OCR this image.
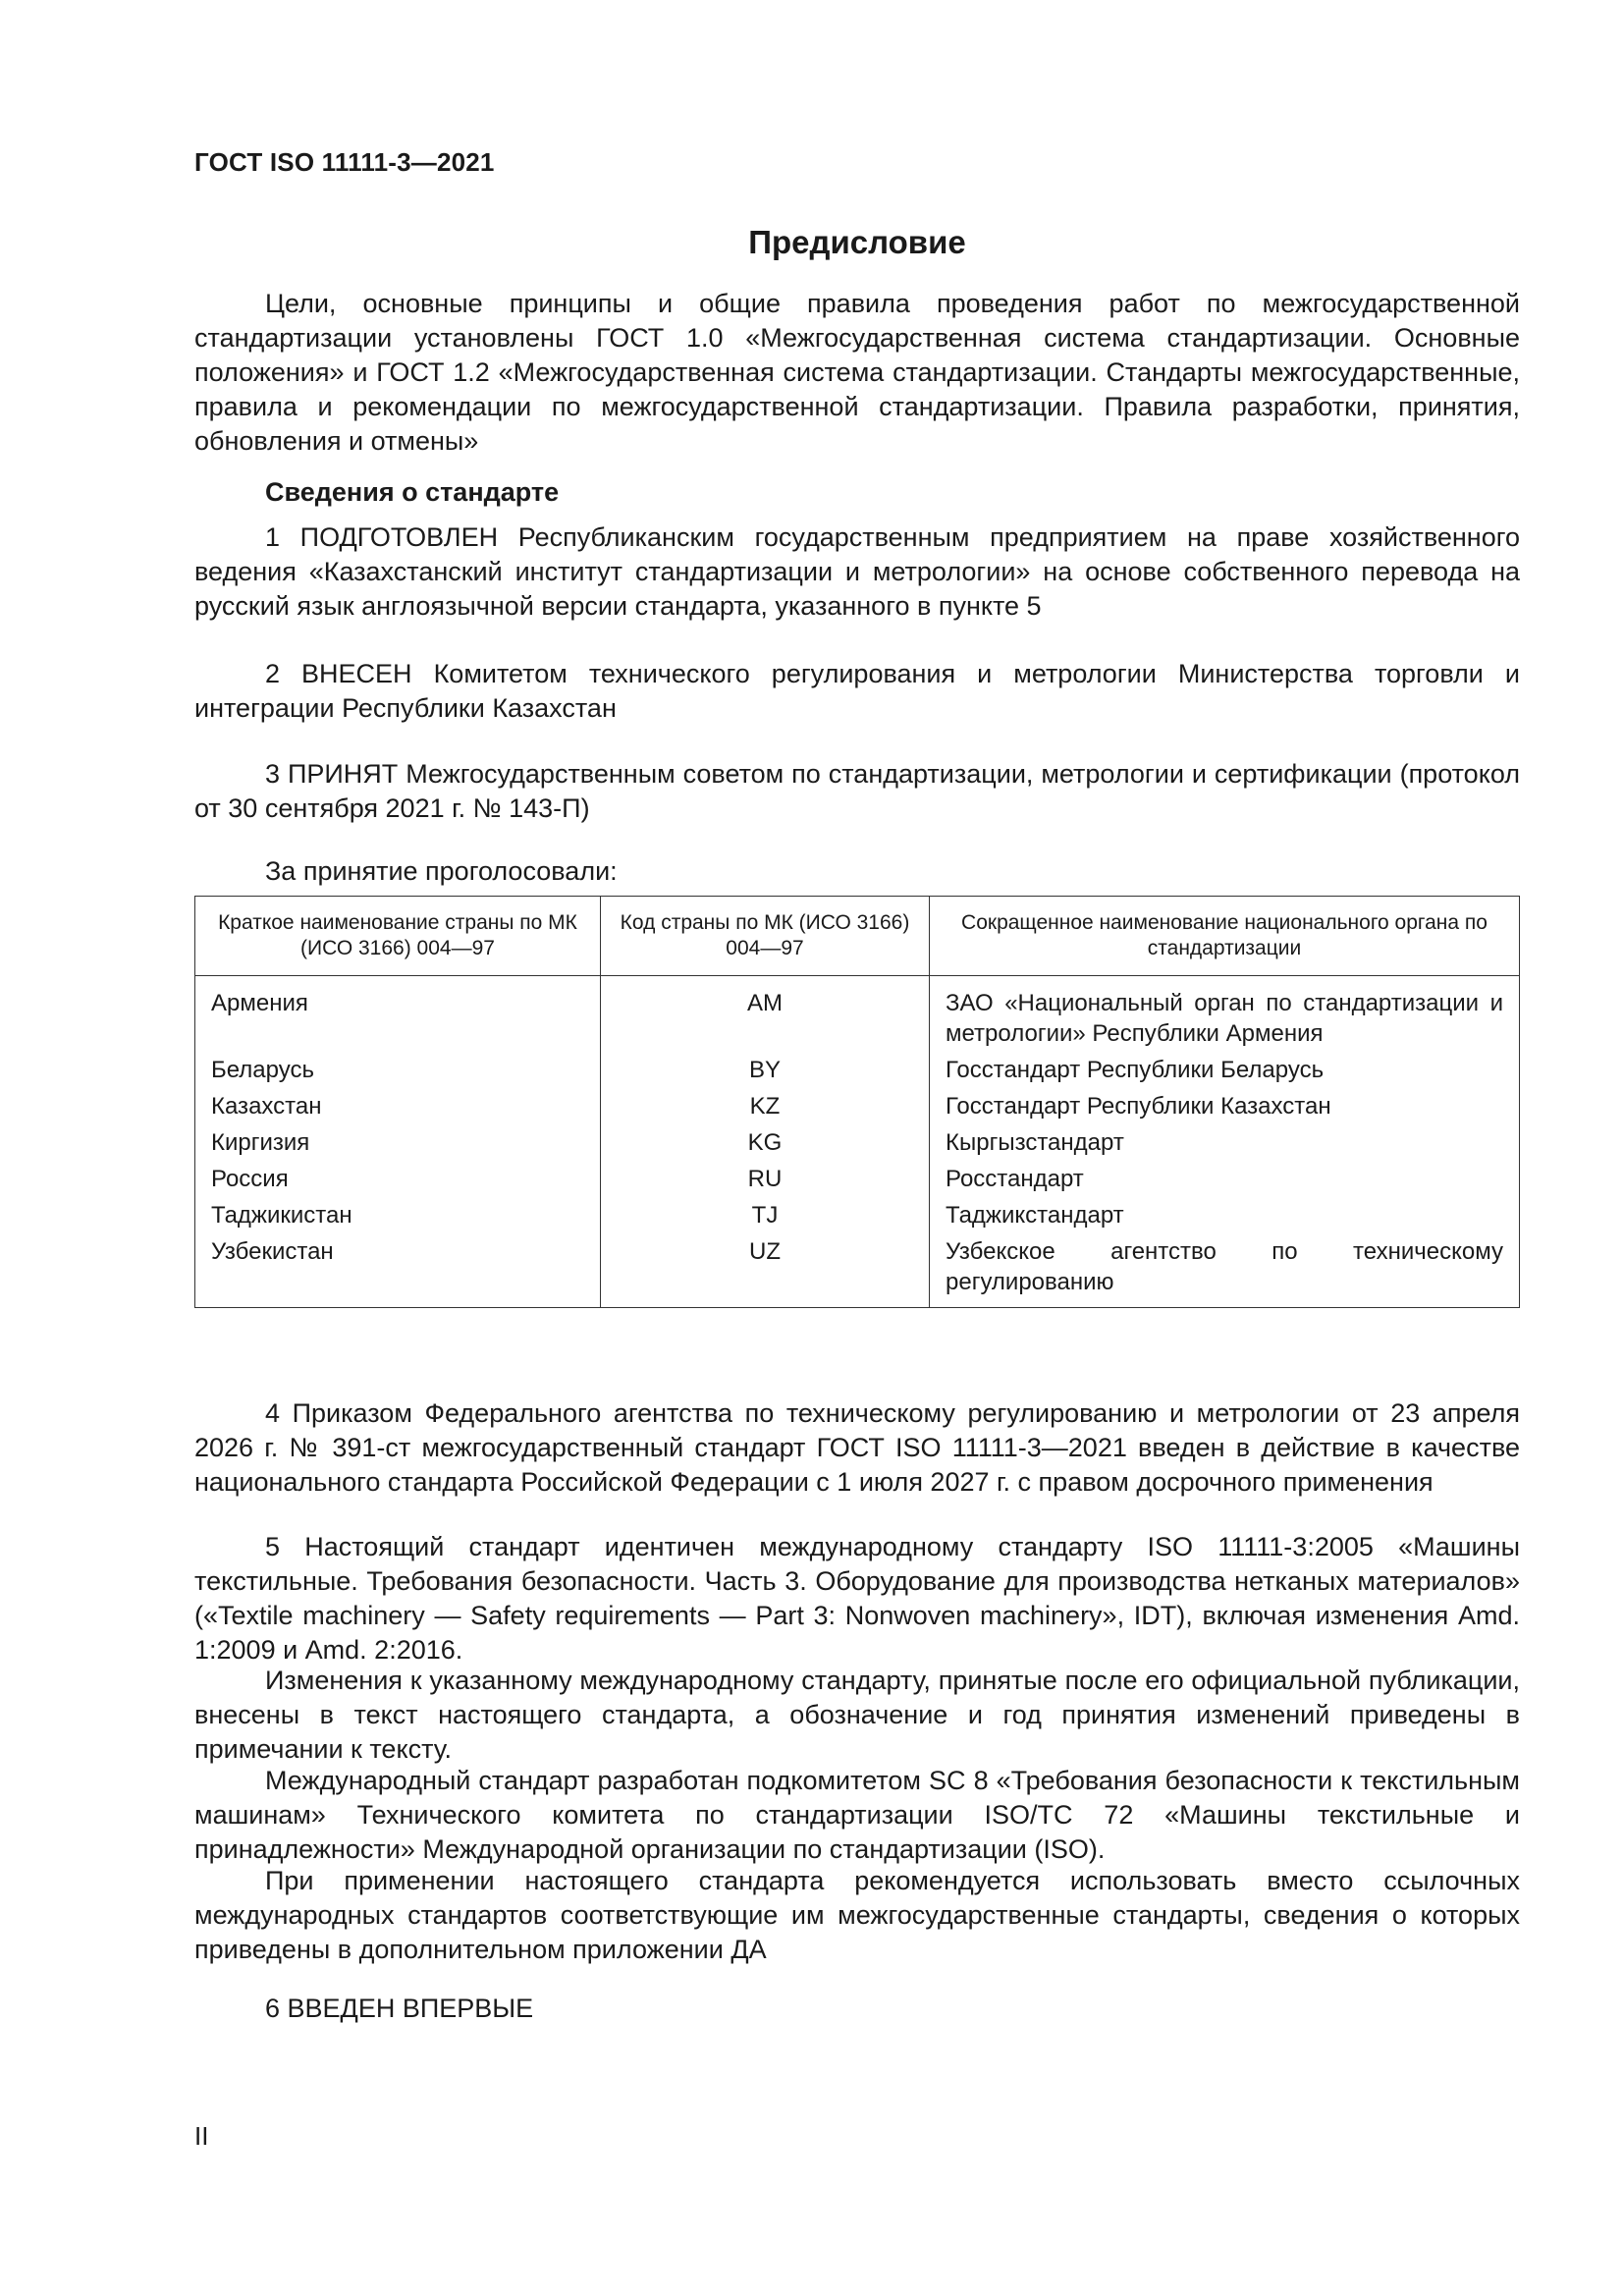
ГОСТ ISO 11111-3—2021
Предисловие
Цели, основные принципы и общие правила проведения работ по межгосударственной стандартизации установлены ГОСТ 1.0 «Межгосударственная система стандартизации. Основные положения» и ГОСТ 1.2 «Межгосударственная система стандартизации. Стандарты межгосударственные, правила и рекомендации по межгосударственной стандартизации. Правила разработки, принятия, обновления и отмены»
Сведения о стандарте
1 ПОДГОТОВЛЕН Республиканским государственным предприятием на праве хозяйственного ведения «Казахстанский институт стандартизации и метрологии» на основе собственного перевода на русский язык англоязычной версии стандарта, указанного в пункте 5
2 ВНЕСЕН Комитетом технического регулирования и метрологии Министерства торговли и интеграции Республики Казахстан
3 ПРИНЯТ Межгосударственным советом по стандартизации, метрологии и сертификации (протокол от 30 сентября 2021 г. № 143-П)
За принятие проголосовали:
Краткое наименование страны по МК (ИСО 3166) 004—97	Код страны по МК (ИСО 3166) 004—97	Сокращенное наименование национального органа по стандартизации
Армения	AM	ЗАО «Национальный орган по стандартизации и метрологии» Республики Армения
Беларусь	BY	Госстандарт Республики Беларусь
Казахстан	KZ	Госстандарт Республики Казахстан
Киргизия	KG	Кыргызстандарт
Россия	RU	Росстандарт
Таджикистан	TJ	Таджикстандарт
Узбекистан	UZ	Узбекское агентство по техническому регулированию
4 Приказом Федерального агентства по техническому регулированию и метрологии от 23 апреля 2026 г. № 391-ст межгосударственный стандарт ГОСТ ISO 11111-3—2021 введен в действие в качестве национального стандарта Российской Федерации с 1 июля 2027 г. с правом досрочного применения
5 Настоящий стандарт идентичен международному стандарту ISO 11111-3:2005 «Машины текстильные. Требования безопасности. Часть 3. Оборудование для производства нетканых материалов» («Textile machinery — Safety requirements — Part 3: Nonwoven machinery», IDT), включая изменения Amd. 1:2009 и Amd. 2:2016.
Изменения к указанному международному стандарту, принятые после его официальной публикации, внесены в текст настоящего стандарта, а обозначение и год принятия изменений приведены в примечании к тексту.
Международный стандарт разработан подкомитетом SC 8 «Требования безопасности к текстильным машинам» Технического комитета по стандартизации ISO/TC 72 «Машины текстильные и принадлежности» Международной организации по стандартизации (ISO).
При применении настоящего стандарта рекомендуется использовать вместо ссылочных международных стандартов соответствующие им межгосударственные стандарты, сведения о которых приведены в дополнительном приложении ДА
6 ВВЕДЕН ВПЕРВЫЕ
II
